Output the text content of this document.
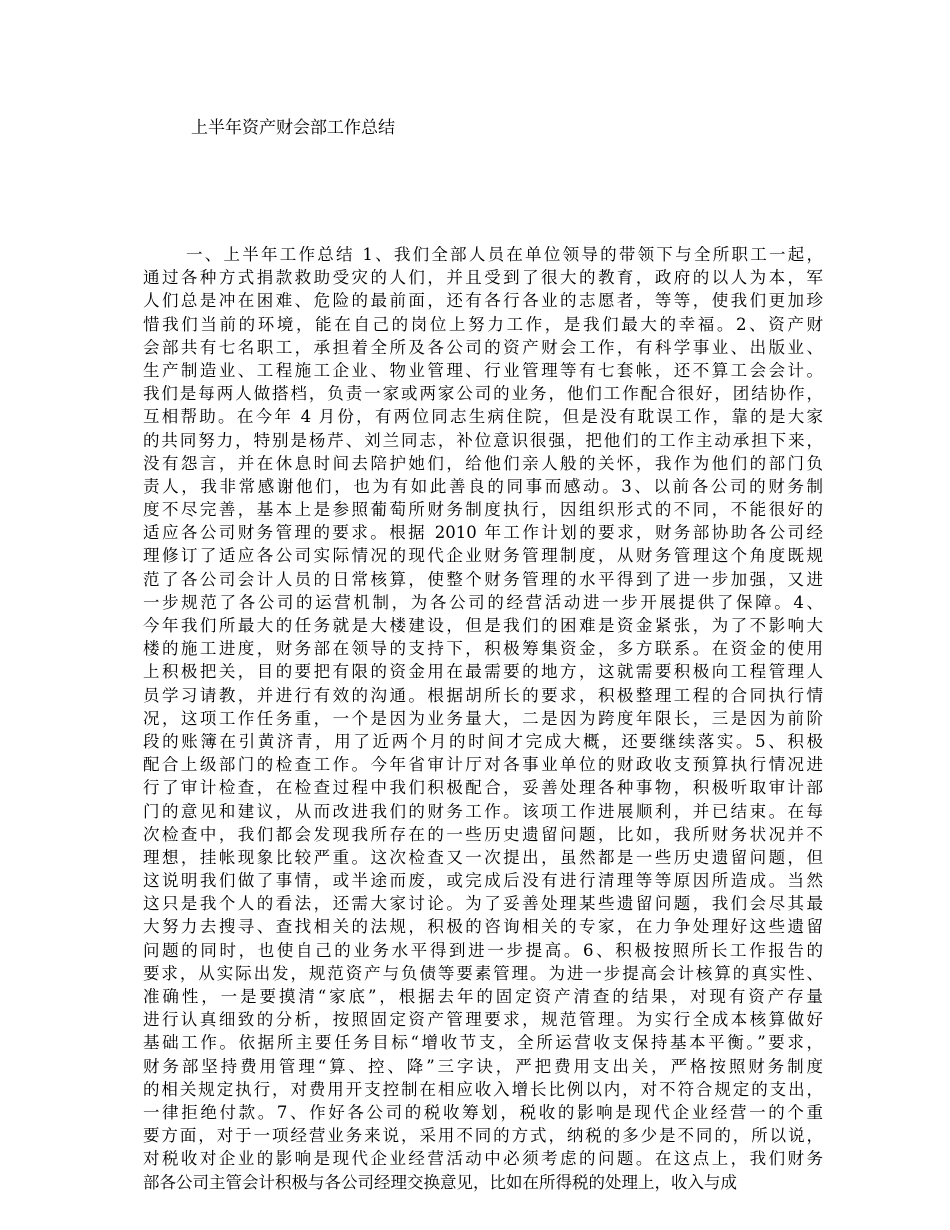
上半年资产财会部工作总结
一、上半年工作总结 1、我们全部人员在单位领导的带领下与全所职工一起，
通过各种方式捐款救助受灾的人们，并且受到了很大的教育，政府的以人为本，军
人们总是冲在困难、危险的最前面，还有各行各业的志愿者，等等，使我们更加珍
惜我们当前的环境，能在自己的岗位上努力工作，是我们最大的幸福。2、资产财
会部共有七名职工，承担着全所及各公司的资产财会工作，有科学事业、出版业、
生产制造业、工程施工企业、物业管理、行业管理等有七套帐，还不算工会会计。
我们是每两人做搭档，负责一家或两家公司的业务，他们工作配合很好，团结协作，
互相帮助。在今年 4 月份，有两位同志生病住院，但是没有耽误工作，靠的是大家
的共同努力，特别是杨芹、刘兰同志，补位意识很强，把他们的工作主动承担下来，
没有怨言，并在休息时间去陪护她们，给他们亲人般的关怀，我作为他们的部门负
责人，我非常感谢他们，也为有如此善良的同事而感动。3、以前各公司的财务制
度不尽完善，基本上是参照葡萄所财务制度执行，因组织形式的不同，不能很好的
适应各公司财务管理的要求。根据 2010 年工作计划的要求，财务部协助各公司经
理修订了适应各公司实际情况的现代企业财务管理制度，从财务管理这个角度既规
范了各公司会计人员的日常核算，使整个财务管理的水平得到了进一步加强，又进
一步规范了各公司的运营机制，为各公司的经营活动进一步开展提供了保障。4、
今年我们所最大的任务就是大楼建设，但是我们的困难是资金紧张，为了不影响大
楼的施工进度，财务部在领导的支持下，积极筹集资金，多方联系。在资金的使用
上积极把关，目的要把有限的资金用在最需要的地方，这就需要积极向工程管理人
员学习请教，并进行有效的沟通。根据胡所长的要求，积极整理工程的合同执行情
况，这项工作任务重，一个是因为业务量大，二是因为跨度年限长，三是因为前阶
段的账簿在引黄济青，用了近两个月的时间才完成大概，还要继续落实。5、积极
配合上级部门的检查工作。今年省审计厅对各事业单位的财政收支预算执行情况进
行了审计检查，在检查过程中我们积极配合，妥善处理各种事物，积极听取审计部
门的意见和建议，从而改进我们的财务工作。该项工作进展顺利，并已结束。在每
次检查中，我们都会发现我所存在的一些历史遗留问题，比如，我所财务状况并不
理想，挂帐现象比较严重。这次检查又一次提出，虽然都是一些历史遗留问题，但
这说明我们做了事情，或半途而废，或完成后没有进行清理等等原因所造成。当然
这只是我个人的看法，还需大家讨论。为了妥善处理某些遗留问题，我们会尽其最
大努力去搜寻、查找相关的法规，积极的咨询相关的专家，在力争处理好这些遗留
问题的同时，也使自己的业务水平得到进一步提高。6、积极按照所长工作报告的
要求，从实际出发，规范资产与负债等要素管理。为进一步提高会计核算的真实性、
准确性，一是要摸清“家底”，根据去年的固定资产清查的结果，对现有资产存量
进行认真细致的分析，按照固定资产管理要求，规范管理。为实行全成本核算做好
基础工作。依据所主要任务目标“增收节支，全所运营收支保持基本平衡。”要求，
财务部坚持费用管理“算、控、降”三字诀，严把费用支出关，严格按照财务制度
的相关规定执行，对费用开支控制在相应收入增长比例以内，对不符合规定的支出，
一律拒绝付款。7、作好各公司的税收筹划，税收的影响是现代企业经营一的个重
要方面，对于一项经营业务来说，采用不同的方式，纳税的多少是不同的，所以说，
对税收对企业的影响是现代企业经营活动中必须考虑的问题。在这点上，我们财务
部各公司主管会计积极与各公司经理交换意见，比如在所得税的处理上，收入与成
